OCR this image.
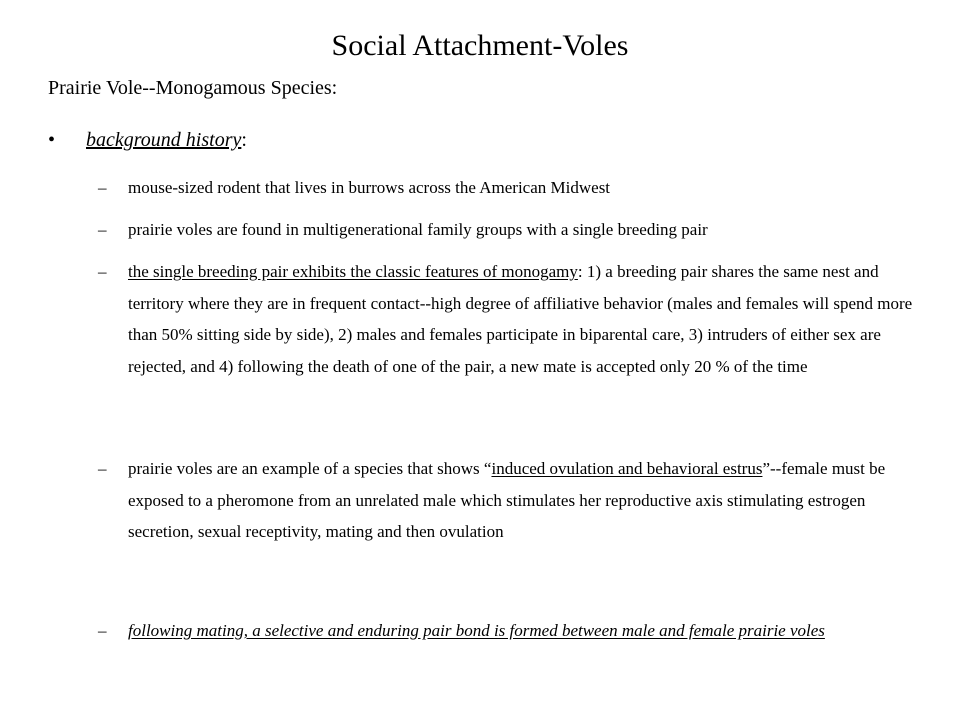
Social Attachment-Voles
Prairie Vole--Monogamous Species:
•	background history:
– mouse-sized rodent that lives in burrows across the American Midwest
– prairie voles are found in multigenerational family groups with a single breeding pair
– the single breeding pair exhibits the classic features of monogamy: 1) a breeding pair shares the same nest and territory where they are in frequent contact--high degree of affiliative behavior (males and females will spend more than 50% sitting side by side), 2) males and females participate in biparental care, 3) intruders of either sex are rejected, and 4) following the death of one of the pair, a new mate is accepted only 20 % of the time
– prairie voles are an example of a species that shows “induced ovulation and behavioral estrus”--female must be exposed to a pheromone from an unrelated male which stimulates her reproductive axis stimulating estrogen secretion, sexual receptivity, mating and then ovulation
– following mating, a selective and enduring pair bond is formed between male and female prairie voles
